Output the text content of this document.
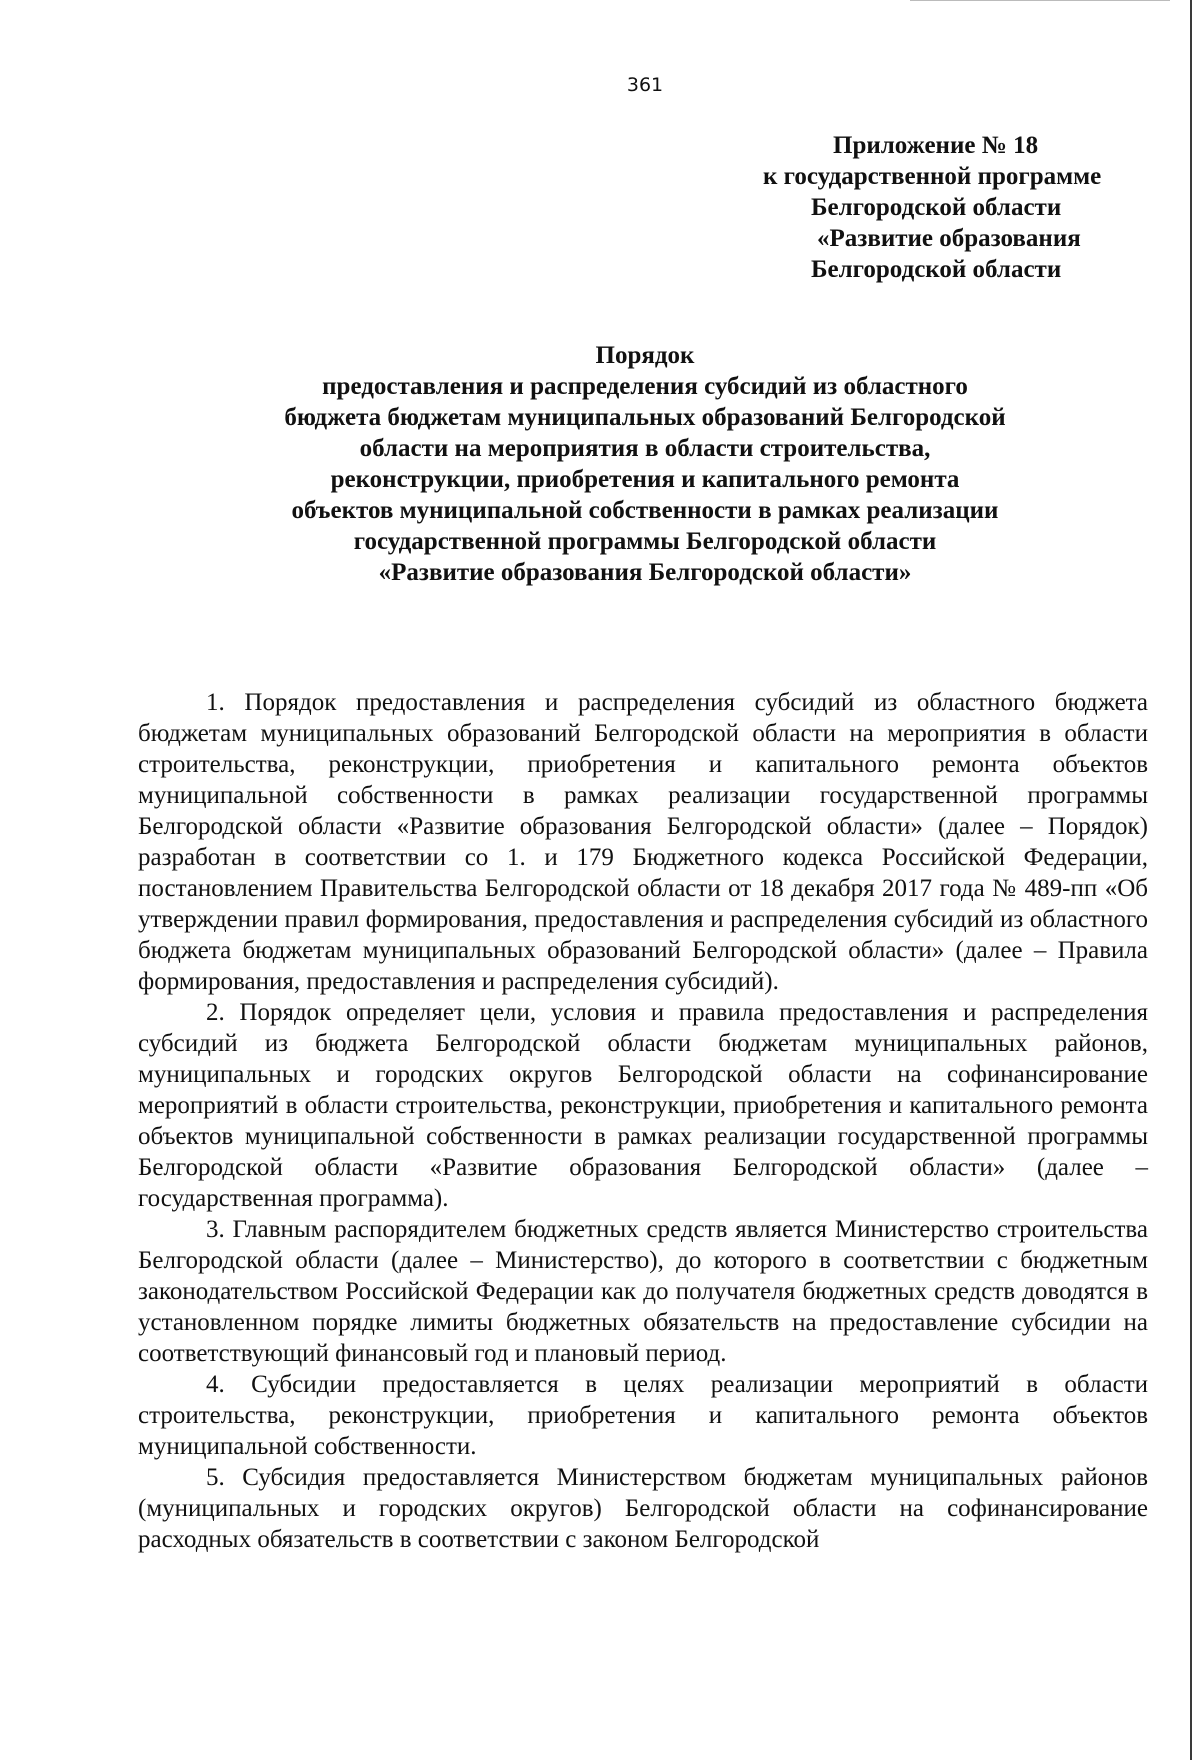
361
Приложение № 18
к государственной программе
Белгородской области
«Развитие образования
Белгородской области
Порядок
предоставления и распределения субсидий из областного
бюджета бюджетам муниципальных образований Белгородской
области на мероприятия в области строительства,
реконструкции, приобретения и капитального ремонта
объектов муниципальной собственности в рамках реализации
государственной программы Белгородской области
«Развитие образования Белгородской области»

1. Порядок предоставления и распределения субсидий из областного бюджета бюджетам муниципальных образований Белгородской области на мероприятия в области строительства, реконструкции, приобретения и капитального ремонта объектов муниципальной собственности в рамках реализации государственной программы Белгородской области «Развитие образования Белгородской области» (далее – Порядок) разработан в соответствии со 1. и 179 Бюджетного кодекса Российской Федерации, постановлением Правительства Белгородской области от 18 декабря 2017 года № 489-пп «Об утверждении правил формирования, предоставления и распределения субсидий из областного бюджета бюджетам муниципальных образований Белгородской области» (далее – Правила формирования, предоставления и распределения субсидий).

2. Порядок определяет цели, условия и правила предоставления и распределения субсидий из бюджета Белгородской области бюджетам муниципальных районов, муниципальных и городских округов Белгородской области на софинансирование мероприятий в области строительства, реконструкции, приобретения и капитального ремонта объектов муниципальной собственности в рамках реализации государственной программы Белгородской области «Развитие образования Белгородской области» (далее – государственная программа).

3. Главным распорядителем бюджетных средств является Министерство строительства Белгородской области (далее – Министерство), до которого в соответствии с бюджетным законодательством Российской Федерации как до получателя бюджетных средств доводятся в установленном порядке лимиты бюджетных обязательств на предоставление субсидии на соответствующий финансовый год и плановый период.

4. Субсидии предоставляется в целях реализации мероприятий в области строительства, реконструкции, приобретения и капитального ремонта объектов муниципальной собственности.

5. Субсидия предоставляется Министерством бюджетам муниципальных районов (муниципальных и городских округов) Белгородской области на софинансирование расходных обязательств в соответствии с законом Белгородской
